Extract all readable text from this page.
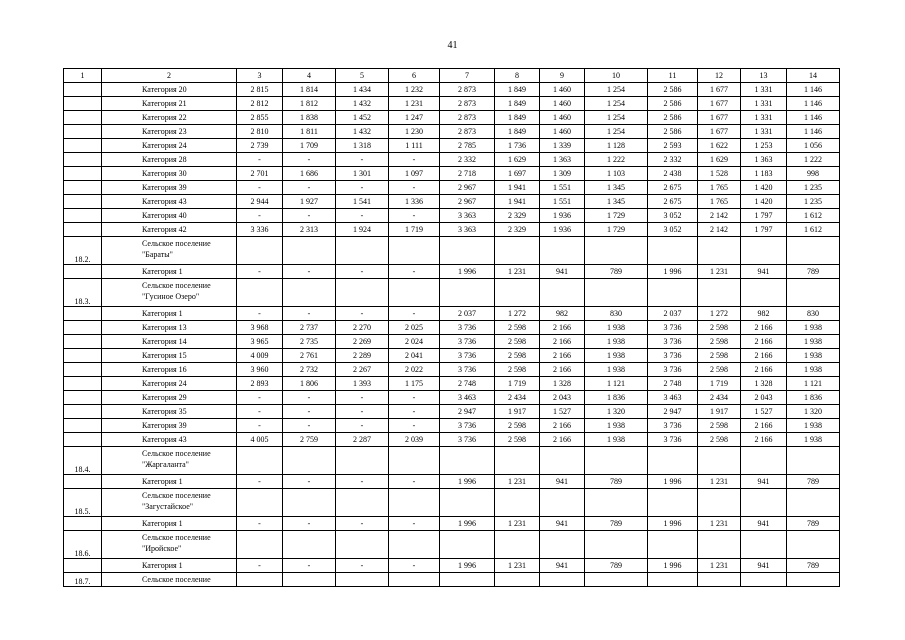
41
1	2	3	4	5	6	7	8	9	10	11	12	13	14
	Категория 20	2 815	1 814	1 434	1 232	2 873	1 849	1 460	1 254	2 586	1 677	1 331	1 146
	Категория 21	2 812	1 812	1 432	1 231	2 873	1 849	1 460	1 254	2 586	1 677	1 331	1 146
	Категория 22	2 855	1 838	1 452	1 247	2 873	1 849	1 460	1 254	2 586	1 677	1 331	1 146
	Категория 23	2 810	1 811	1 432	1 230	2 873	1 849	1 460	1 254	2 586	1 677	1 331	1 146
	Категория 24	2 739	1 709	1 318	1 111	2 785	1 736	1 339	1 128	2 593	1 622	1 253	1 056
	Категория 28	-	-	-	-	2 332	1 629	1 363	1 222	2 332	1 629	1 363	1 222
	Категория 30	2 701	1 686	1 301	1 097	2 718	1 697	1 309	1 103	2 438	1 528	1 183	998
	Категория 39	-	-	-	-	2 967	1 941	1 551	1 345	2 675	1 765	1 420	1 235
	Категория 43	2 944	1 927	1 541	1 336	2 967	1 941	1 551	1 345	2 675	1 765	1 420	1 235
	Категория 40	-	-	-	-	3 363	2 329	1 936	1 729	3 052	2 142	1 797	1 612
	Категория 42	3 336	2 313	1 924	1 719	3 363	2 329	1 936	1 729	3 052	2 142	1 797	1 612
18.2.	Сельское поселение "Бараты"												
	Категория 1	-	-	-	-	1 996	1 231	941	789	1 996	1 231	941	789
18.3.	Сельское поселение "Гусиное Озеро"												
	Категория 1	-	-	-	-	2 037	1 272	982	830	2 037	1 272	982	830
	Категория 13	3 968	2 737	2 270	2 025	3 736	2 598	2 166	1 938	3 736	2 598	2 166	1 938
	Категория 14	3 965	2 735	2 269	2 024	3 736	2 598	2 166	1 938	3 736	2 598	2 166	1 938
	Категория 15	4 009	2 761	2 289	2 041	3 736	2 598	2 166	1 938	3 736	2 598	2 166	1 938
	Категория 16	3 960	2 732	2 267	2 022	3 736	2 598	2 166	1 938	3 736	2 598	2 166	1 938
	Категория 24	2 893	1 806	1 393	1 175	2 748	1 719	1 328	1 121	2 748	1 719	1 328	1 121
	Категория 29	-	-	-	-	3 463	2 434	2 043	1 836	3 463	2 434	2 043	1 836
	Категория 35	-	-	-	-	2 947	1 917	1 527	1 320	2 947	1 917	1 527	1 320
	Категория 39	-	-	-	-	3 736	2 598	2 166	1 938	3 736	2 598	2 166	1 938
	Категория 43	4 005	2 759	2 287	2 039	3 736	2 598	2 166	1 938	3 736	2 598	2 166	1 938
18.4.	Сельское поселение "Жаргаланта"												
	Категория 1	-	-	-	-	1 996	1 231	941	789	1 996	1 231	941	789
18.5.	Сельское поселение "Загустайское"												
	Категория 1	-	-	-	-	1 996	1 231	941	789	1 996	1 231	941	789
18.6.	Сельское поселение "Иройское"												
	Категория 1	-	-	-	-	1 996	1 231	941	789	1 996	1 231	941	789
18.7.	Сельское поселение												
